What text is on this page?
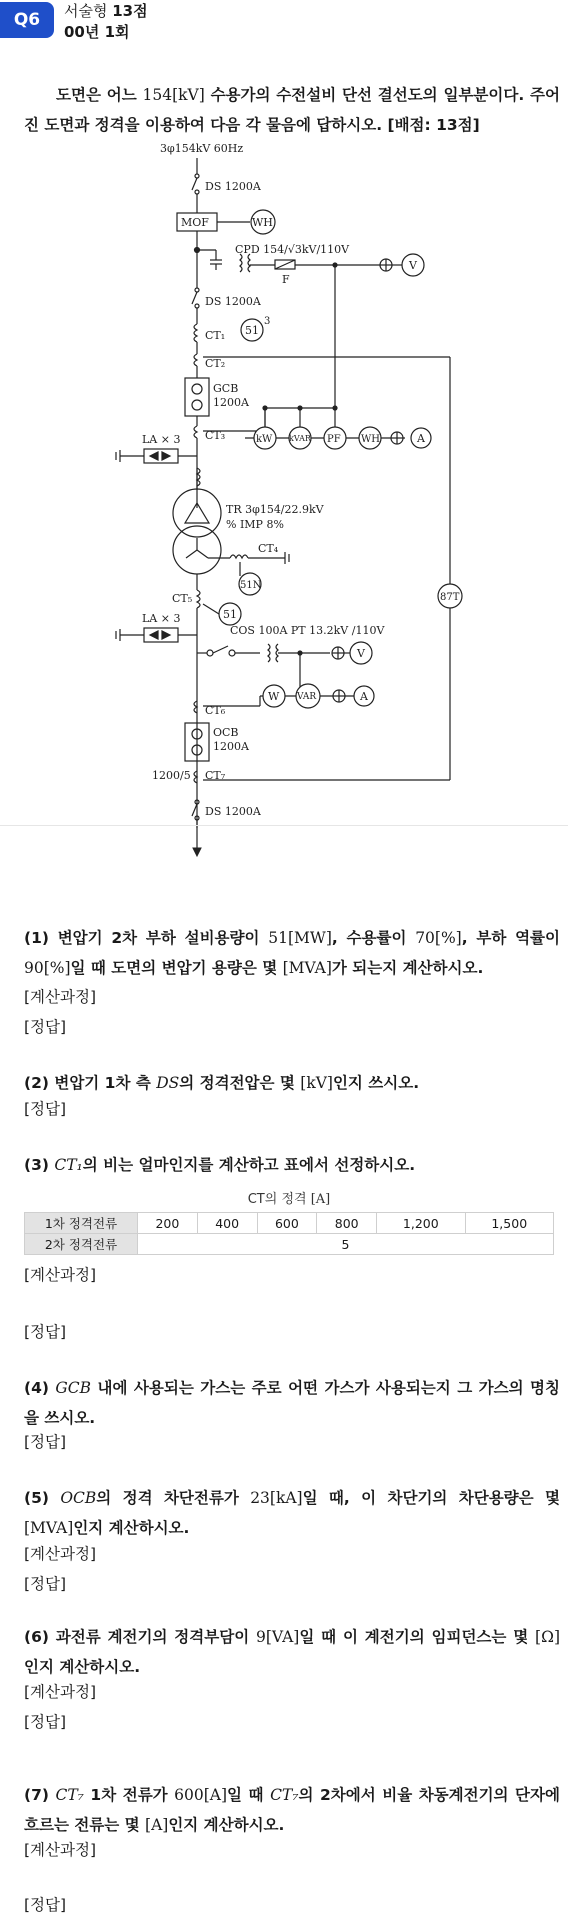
Q6	서술형 13점
00년 1회
도면은 어느 154[kV] 수용가의 수전설비 단선 결선도의 일부분이다. 주어진 도면과 정격을 이용하여 다음 각 물음에 답하시오. [배점: 13점]
3φ154kV 60Hz
DS 1200A
MOF	WH
CPD 154/√3kV/110V
F
V
DS 1200A
CT₁ 51
3
CT₂
GCB
1200A
CT₃
LA × 3	kW kVAR PF WH	A
TR 3φ154/22.9kV
% IMP 8%
CT₄
51N
CT₅
51
87T
LA × 3
COS 100A PT 13.2kV /110V
V
W VAR	A
CT₆
OCB
1200A
1200/5 CT₇
DS 1200A
(1) 변압기 2차 부하 설비용량이 51[MW], 수용률이 70[%], 부하 역률이 90[%]일 때 도면의 변압기 용량은 몇 [MVA]가 되는지 계산하시오.
[계산과정]
[정답]
(2) 변압기 1차 측 DS의 정격전압은 몇 [kV]인지 쓰시오.
[정답]
(3) CT₁의 비는 얼마인지를 계산하고 표에서 선정하시오.
CT의 정격 [A]
1차 정격전류	200	400	600	800	1,200	1,500
2차 정격전류	5					
[계산과정]
[정답]
(4) GCB 내에 사용되는 가스는 주로 어떤 가스가 사용되는지 그 가스의 명칭을 쓰시오.
[정답]
(5) OCB의 정격 차단전류가 23[kA]일 때, 이 차단기의 차단용량은 몇 [MVA]인지 계산하시오.
[계산과정]
[정답]
(6) 과전류 계전기의 정격부담이 9[VA]일 때 이 계전기의 임피던스는 몇 [Ω]인지 계산하시오.
[계산과정]
[정답]
(7) CT₇ 1차 전류가 600[A]일 때 CT₇의 2차에서 비율 차동계전기의 단자에 흐르는 전류는 몇 [A]인지 계산하시오.
[계산과정]
[정답]
